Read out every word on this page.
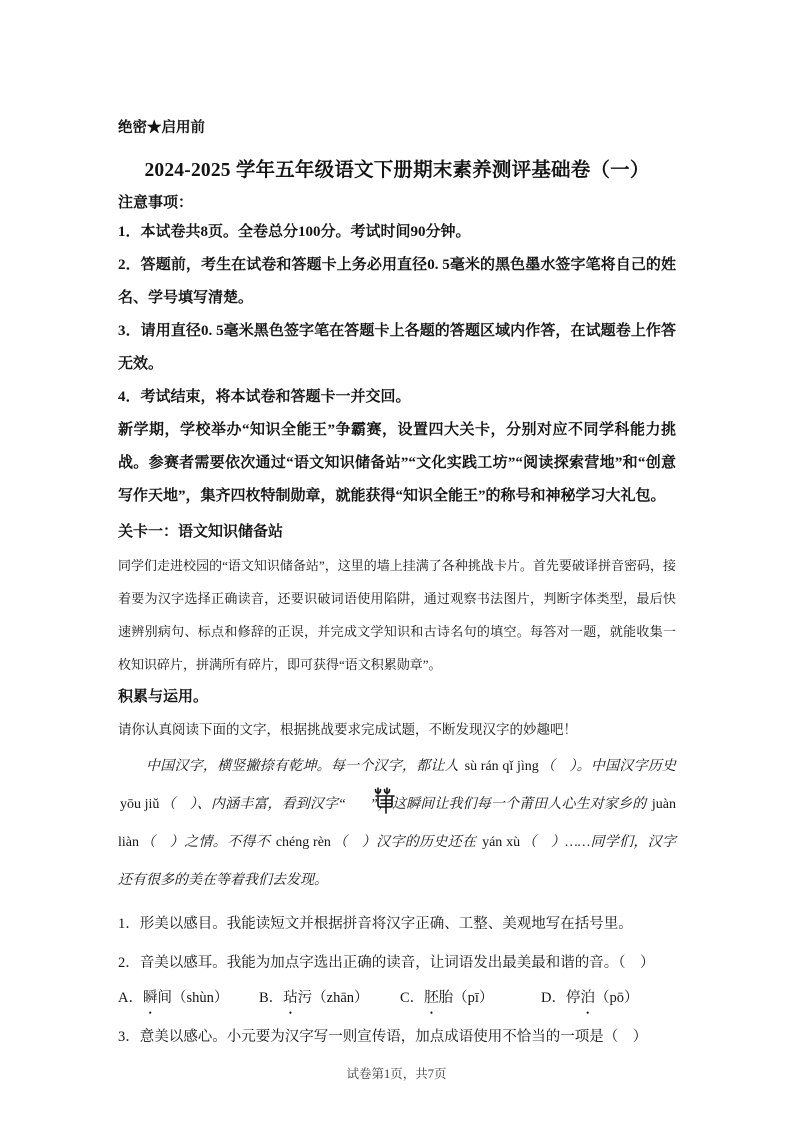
绝密★启用前
2024-2025 学年五年级语文下册期末素养测评基础卷（一）
注意事项：
1．本试卷共8页。全卷总分100分。考试时间90分钟。
2．答题前，考生在试卷和答题卡上务必用直径0. 5毫米的黑色墨水签字笔将自己的姓名、学号填写清楚。
3．请用直径0. 5毫米黑色签字笔在答题卡上各题的答题区域内作答，在试题卷上作答无效。
4．考试结束，将本试卷和答题卡一并交回。

新学期，学校举办“知识全能王”争霸赛，设置四大关卡，分别对应不同学科能力挑战。参赛者需要依次通过“语文知识储备站”“文化实践工坊”“阅读探索营地”和“创意写作天地”，集齐四枚特制勋章，就能获得“知识全能王”的称号和神秘学习大礼包。

关卡一：语文知识储备站

同学们走进校园的“语文知识储备站”，这里的墙上挂满了各种挑战卡片。首先要破译拼音密码，接着要为汉字选择正确读音，还要识破词语使用陷阱，通过观察书法图片，判断字体类型，最后快速辨别病句、标点和修辞的正误，并完成文学知识和古诗名句的填空。每答对一题，就能收集一枚知识碎片，拼满所有碎片，即可获得“语文积累勋章”。

积累与运用。

请你认真阅读下面的文字，根据挑战要求完成试题，不断发现汉字的妙趣吧！

中国汉字，横竖撇捺有乾坤。每一个汉字，都让人 sù rán qǐ jìng （　）。中国汉字历史 yōu jiǔ （　）、内涵丰富，看到汉字“ ”，这瞬间让我们每一个莆田人心生对家乡的 juàn liàn （　）之情。不得不 chéng rèn （　）汉字的历史还在 yán xù （　）……同学们，汉字还有很多的美在等着我们去发现。

1．形美以感目。我能读短文并根据拼音将汉字正确、工整、美观地写在括号里。
2．音美以感耳。我能为加点字选出正确的读音，让词语发出最美最和谐的音。（　）
A．瞬间（shùn）	B．玷污（zhān）	C．胚胎（pī）	D．停泊（pō）
3．意美以感心。小元要为汉字写一则宣传语，加点成语使用不恰当的一项是（　）
试卷第1页，共7页
